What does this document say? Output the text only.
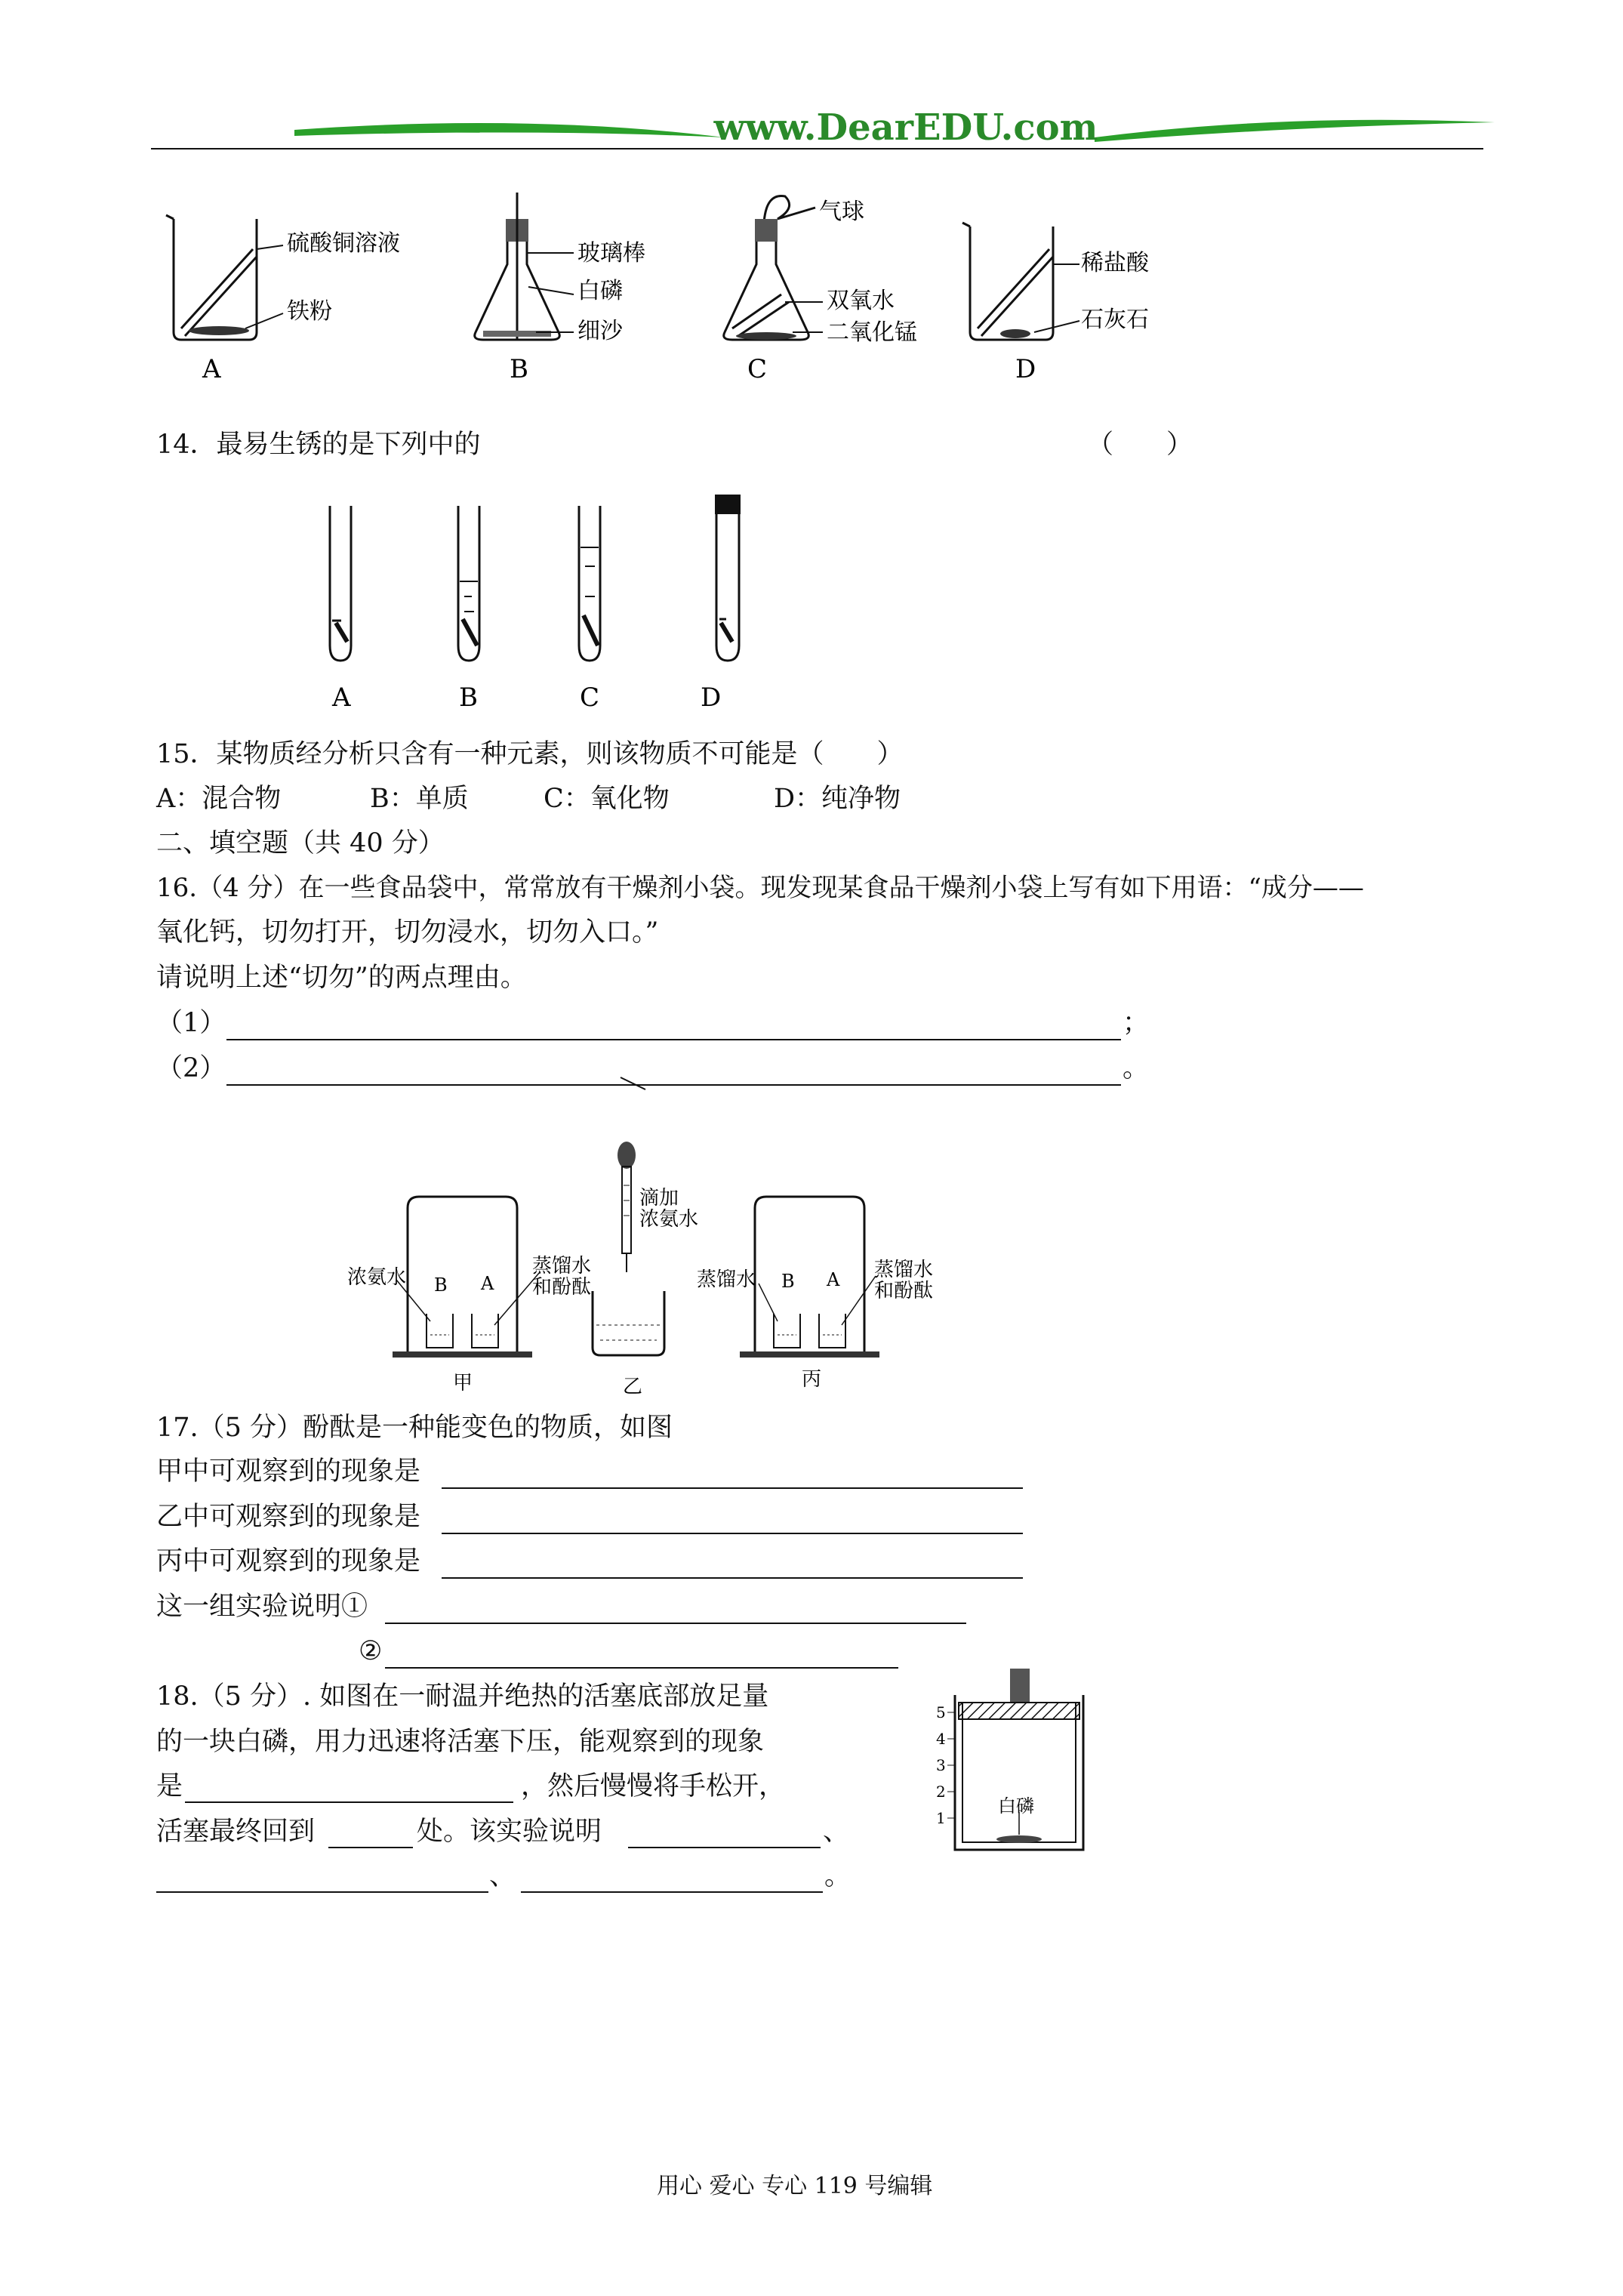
www.DearEDU.com
硫酸铜溶液
铁粉
A
玻璃棒
白磷
细沙
B
气球
双氧水
二氧化锰
C
稀盐酸
石灰石
D
14．最易生锈的是下列中的	（　　）
A	B	C	D
15．某物质经分析只含有一种元素，则该物质不可能是（　　）
A：混合物	B：单质	C：氧化物	D：纯净物
二、填空题（共 40 分）
16.（4 分）在一些食品袋中，常常放有干燥剂小袋。现发现某食品干燥剂小袋上写有如下用语：“成分——
氧化钙，切勿打开，切勿浸水，切勿入口。”
请说明上述“切勿”的两点理由。
（1）	；
（2）	。
浓氨水 B A
蒸馏水
和酚酞
甲
滴加
浓氨水
乙
蒸馏水 B A 蒸馏水
和酚酞
丙
17.（5 分）酚酞是一种能变色的物质，如图
甲中可观察到的现象是
乙中可观察到的现象是
丙中可观察到的现象是
这一组实验说明①
②
18.（5 分）. 如图在一耐温并绝热的活塞底部放足量
的一块白磷，用力迅速将活塞下压，能观察到的现象
是	，然后慢慢将手松开，
活塞最终回到	处。该实验说明	、
、	。
白磷
5
4
3
2
1
用心 爱心 专心 119 号编辑
